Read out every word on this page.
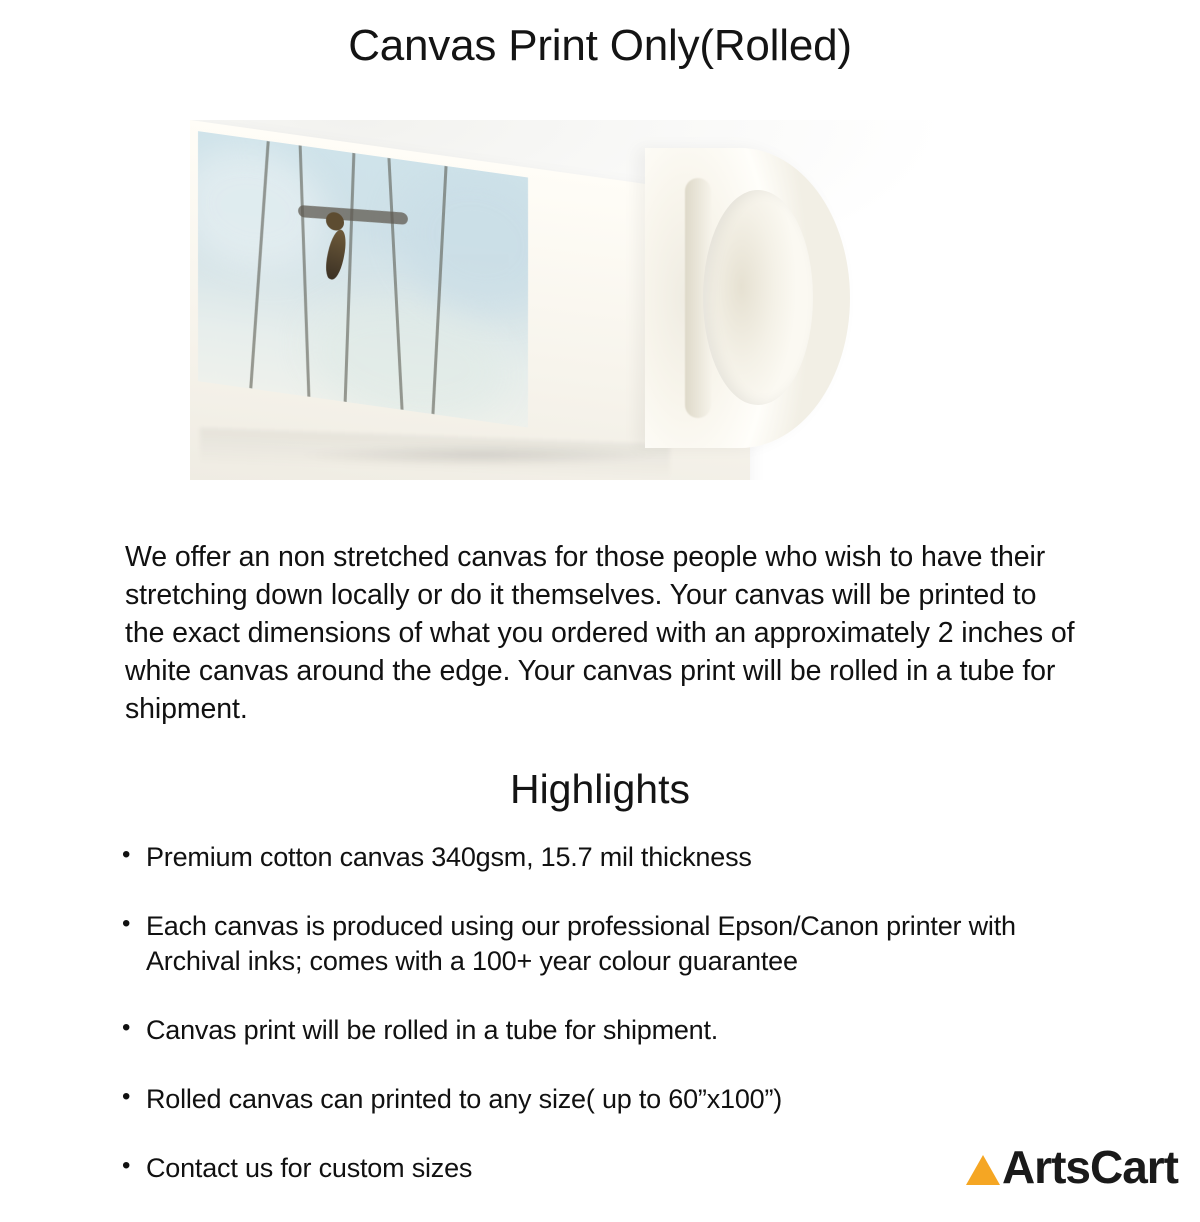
Canvas Print Only(Rolled)

We offer an non stretched canvas for those people who wish to have their stretching down locally or do it themselves. Your canvas will be printed to the exact dimensions of what you ordered with an approximately 2 inches of white canvas around the edge. Your canvas print will be rolled in a tube for shipment.

Highlights
• Premium cotton canvas 340gsm, 15.7 mil thickness
• Each canvas is produced using our professional Epson/Canon printer with Archival inks; comes with a 100+ year colour guarantee
• Canvas print will be rolled in a tube for shipment.
• Rolled canvas can printed to any size( up to 60”x100”)
• Contact us for custom sizes	ArtsCart
